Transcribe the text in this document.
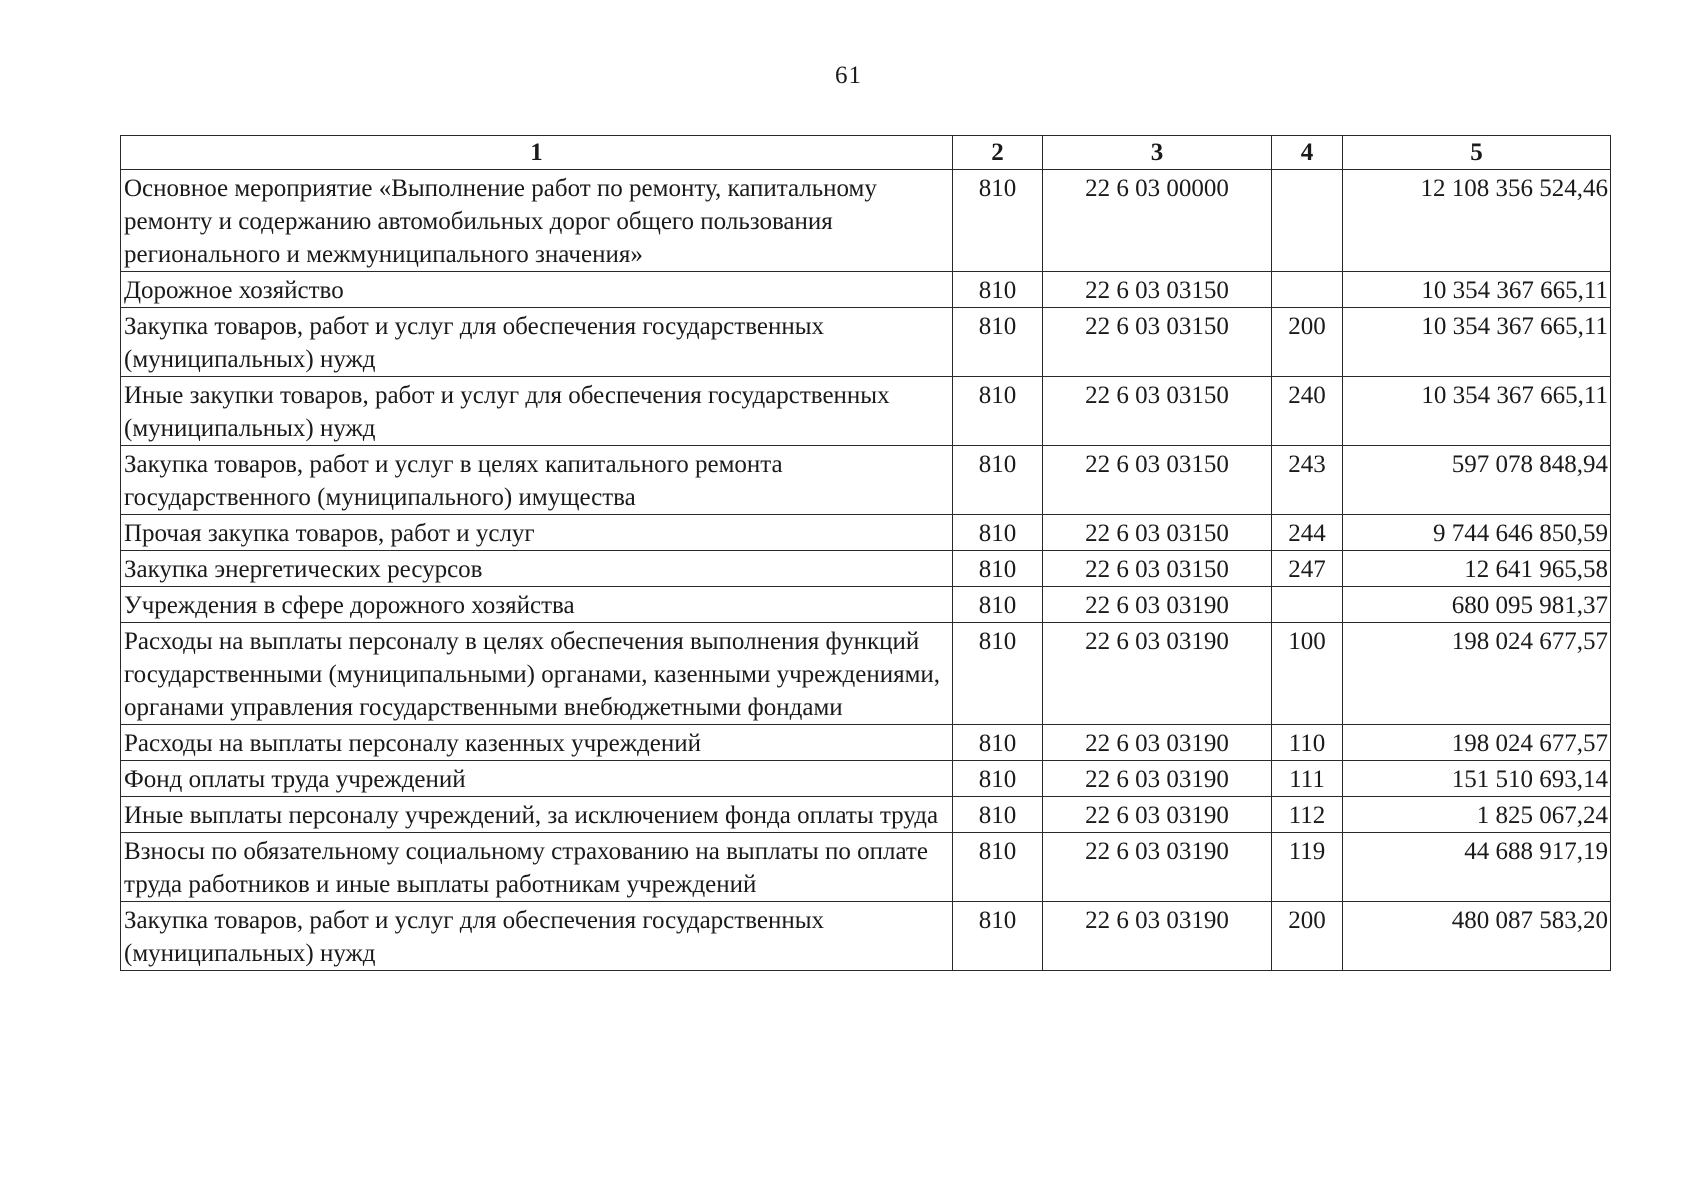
61
1	2	3	4	5
Основное мероприятие «Выполнение работ по ремонту, капитальному ремонту и содержанию автомобильных дорог общего пользования регионального и межмуниципального значения»	810	22 6 03 00000		12 108 356 524,46
Дорожное хозяйство	810	22 6 03 03150		10 354 367 665,11
Закупка товаров, работ и услуг для обеспечения государственных (муниципальных) нужд	810	22 6 03 03150	200	10 354 367 665,11
Иные закупки товаров, работ и услуг для обеспечения государственных (муниципальных) нужд	810	22 6 03 03150	240	10 354 367 665,11
Закупка товаров, работ и услуг в целях капитального ремонта государственного (муниципального) имущества	810	22 6 03 03150	243	597 078 848,94
Прочая закупка товаров, работ и услуг	810	22 6 03 03150	244	9 744 646 850,59
Закупка энергетических ресурсов	810	22 6 03 03150	247	12 641 965,58
Учреждения в сфере дорожного хозяйства	810	22 6 03 03190		680 095 981,37
Расходы на выплаты персоналу в целях обеспечения выполнения функций государственными (муниципальными) органами, казенными учреждениями, органами управления государственными внебюджетными фондами	810	22 6 03 03190	100	198 024 677,57
Расходы на выплаты персоналу казенных учреждений	810	22 6 03 03190	110	198 024 677,57
Фонд оплаты труда учреждений	810	22 6 03 03190	111	151 510 693,14
Иные выплаты персоналу учреждений, за исключением фонда оплаты труда	810	22 6 03 03190	112	1 825 067,24
Взносы по обязательному социальному страхованию на выплаты по оплате труда работников и иные выплаты работникам учреждений	810	22 6 03 03190	119	44 688 917,19
Закупка товаров, работ и услуг для обеспечения государственных (муниципальных) нужд	810	22 6 03 03190	200	480 087 583,20
